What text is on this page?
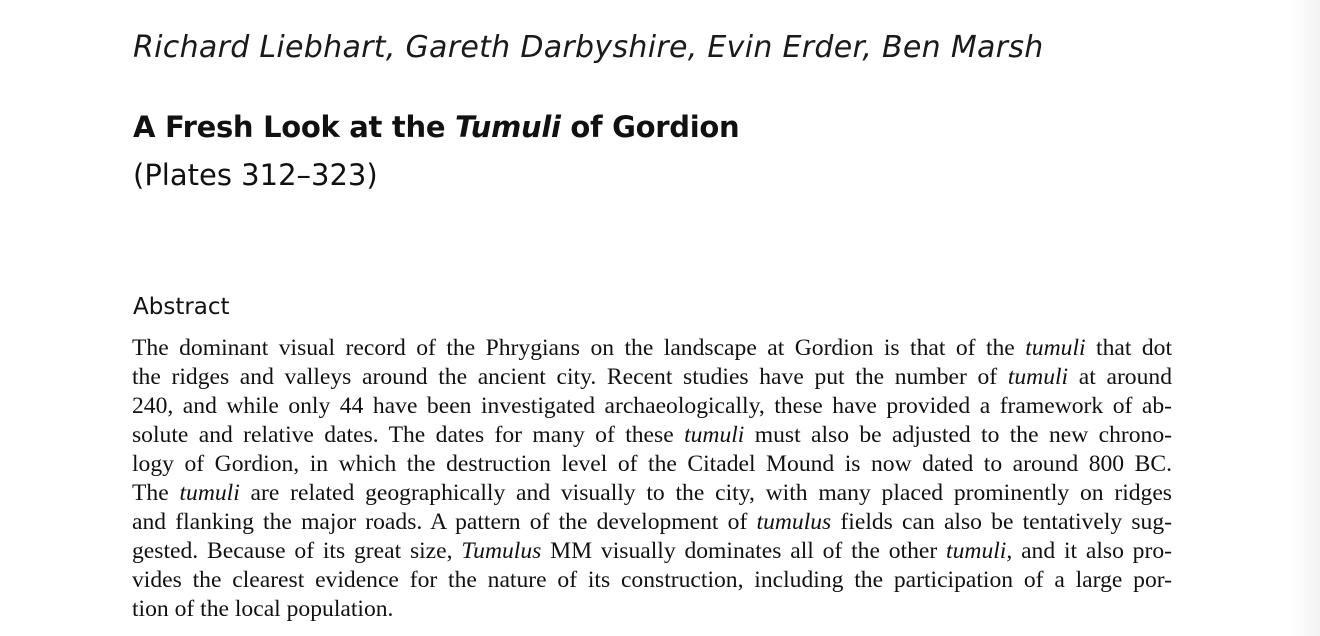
Richard Liebhart, Gareth Darbyshire, Evin Erder, Ben Marsh
A Fresh Look at the Tumuli of Gordion
(Plates 312–323)
Abstract
The dominant visual record of the Phrygians on the landscape at Gordion is that of the tumuli that dot
the ridges and valleys around the ancient city. Recent studies have put the number of tumuli at around
240, and while only 44 have been investigated archaeologically, these have provided a framework of ab-
solute and relative dates. The dates for many of these tumuli must also be adjusted to the new chrono-
logy of Gordion, in which the destruction level of the Citadel Mound is now dated to around 800 BC.
The tumuli are related geographically and visually to the city, with many placed prominently on ridges
and flanking the major roads. A pattern of the development of tumulus fields can also be tentatively sug-
gested. Because of its great size, Tumulus MM visually dominates all of the other tumuli, and it also pro-
vides the clearest evidence for the nature of its construction, including the participation of a large por-
tion of the local population.
